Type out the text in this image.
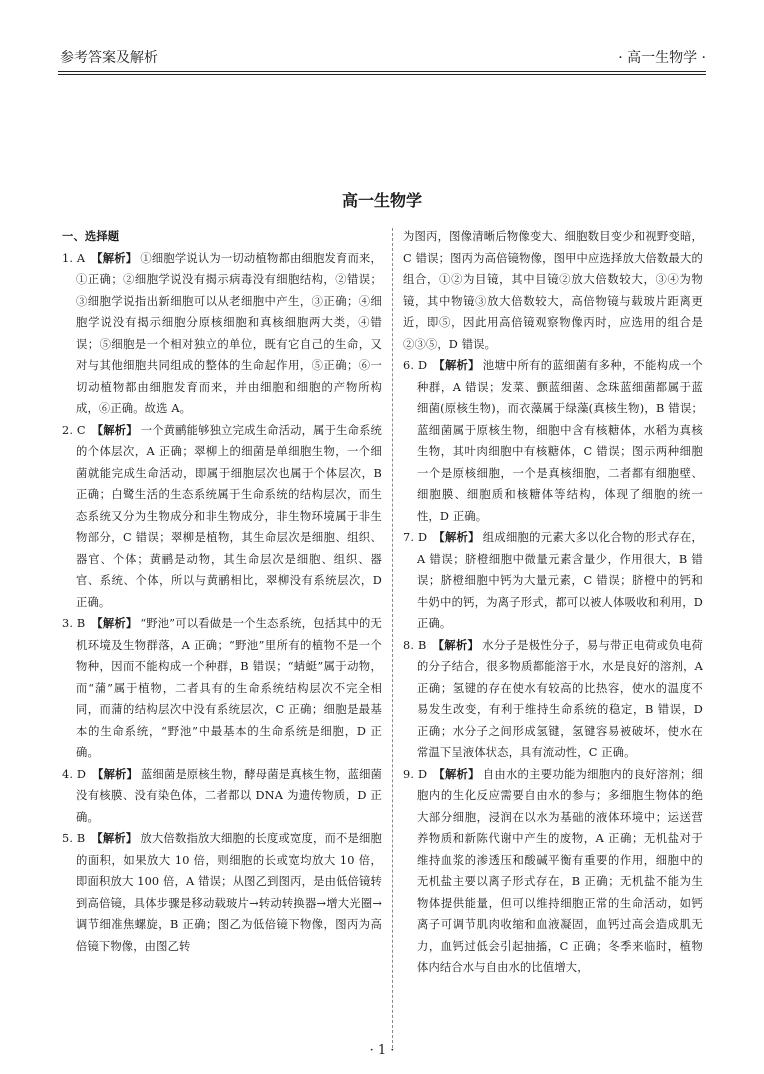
参考答案及解析	· 高一生物学 ·
高一生物学

一、选择题

1. A 【解析】 ①细胞学说认为一切动植物都由细胞发育而来，①正确；②细胞学说没有揭示病毒没有细胞结构，②错误；③细胞学说指出新细胞可以从老细胞中产生，③正确；④细胞学说没有揭示细胞分原核细胞和真核细胞两大类，④错误；⑤细胞是一个相对独立的单位，既有它自己的生命，又对与其他细胞共同组成的整体的生命起作用，⑤正确；⑥一切动植物都由细胞发育而来，并由细胞和细胞的产物所构成，⑥正确。故选 A。

2. C 【解析】 一个黄鹂能够独立完成生命活动，属于生命系统的个体层次，A 正确；翠柳上的细菌是单细胞生物，一个细菌就能完成生命活动，即属于细胞层次也属于个体层次，B 正确；白鹭生活的生态系统属于生命系统的结构层次，而生态系统又分为生物成分和非生物成分，非生物环境属于非生物部分，C 错误；翠柳是植物，其生命层次是细胞、组织、器官、个体；黄鹂是动物，其生命层次是细胞、组织、器官、系统、个体，所以与黄鹂相比，翠柳没有系统层次，D 正确。

3. B 【解析】 “野池”可以看做是一个生态系统，包括其中的无机环境及生物群落，A 正确；“野池”里所有的植物不是一个物种，因而不能构成一个种群，B 错误；“蜻蜓”属于动物，而“蒲”属于植物，二者具有的生命系统结构层次不完全相同，而蒲的结构层次中没有系统层次，C 正确；细胞是最基本的生命系统，“野池”中最基本的生命系统是细胞，D 正确。

4. D 【解析】 蓝细菌是原核生物，酵母菌是真核生物，蓝细菌没有核膜、没有染色体，二者都以 DNA 为遗传物质，D 正确。

5. B 【解析】 放大倍数指放大细胞的长度或宽度，而不是细胞的面积，如果放大 10 倍，则细胞的长或宽均放大 10 倍，即面积放大 100 倍，A 错误；从图乙到图丙，是由低倍镜转到高倍镜，具体步骤是移动载玻片→转动转换器→增大光圈→调节细准焦螺旋，B 正确；图乙为低倍镜下物像，图丙为高倍镜下物像，由图乙转

为图丙，图像清晰后物像变大、细胞数目变少和视野变暗，C 错误；图丙为高倍镜物像，图甲中应选择放大倍数最大的组合，①②为目镜，其中目镜②放大倍数较大，③④为物镜，其中物镜③放大倍数较大，高倍物镜与载玻片距离更近，即⑤，因此用高倍镜观察物像丙时，应选用的组合是②③⑤，D 错误。

6. D 【解析】 池塘中所有的蓝细菌有多种，不能构成一个种群，A 错误；发菜、颤蓝细菌、念珠蓝细菌都属于蓝细菌(原核生物)，而衣藻属于绿藻(真核生物)，B 错误；蓝细菌属于原核生物，细胞中含有核糖体，水稻为真核生物，其叶肉细胞中有核糖体，C 错误；图示两种细胞一个是原核细胞，一个是真核细胞，二者都有细胞壁、细胞膜、细胞质和核糖体等结构，体现了细胞的统一性，D 正确。

7. D 【解析】 组成细胞的元素大多以化合物的形式存在，A 错误；脐橙细胞中微量元素含量少，作用很大，B 错误；脐橙细胞中钙为大量元素，C 错误；脐橙中的钙和牛奶中的钙，为离子形式，都可以被人体吸收和利用，D 正确。

8. B 【解析】 水分子是极性分子，易与带正电荷或负电荷的分子结合，很多物质都能溶于水，水是良好的溶剂，A 正确；氢键的存在使水有较高的比热容，使水的温度不易发生改变，有利于维持生命系统的稳定，B 错误，D 正确；水分子之间形成氢键，氢键容易被破坏，使水在常温下呈液体状态，具有流动性，C 正确。

9. D 【解析】 自由水的主要功能为细胞内的良好溶剂；细胞内的生化反应需要自由水的参与；多细胞生物体的绝大部分细胞，浸润在以水为基础的液体环境中；运送营养物质和新陈代谢中产生的废物，A 正确；无机盐对于维持血浆的渗透压和酸碱平衡有重要的作用，细胞中的无机盐主要以离子形式存在，B 正确；无机盐不能为生物体提供能量，但可以维持细胞正常的生命活动，如钙离子可调节肌肉收缩和血液凝固，血钙过高会造成肌无力，血钙过低会引起抽搐，C 正确；冬季来临时，植物体内结合水与自由水的比值增大，

· 1 ·
